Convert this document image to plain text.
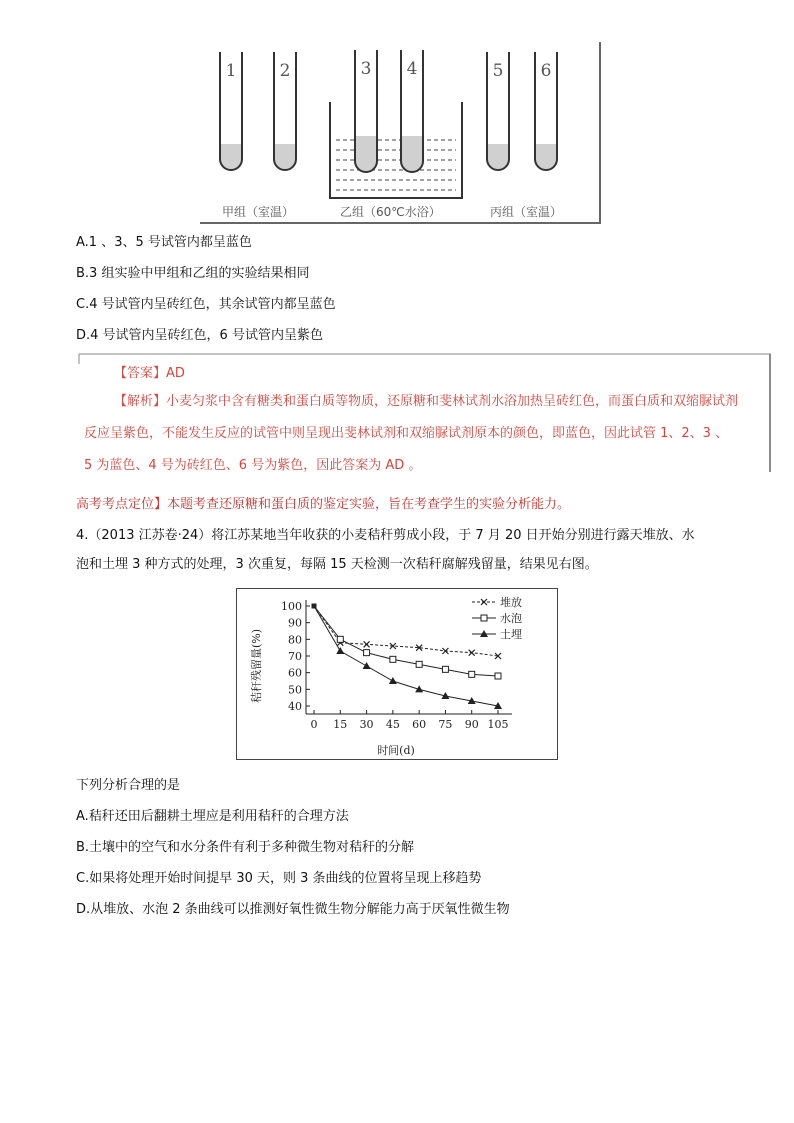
1	2	3 4	5 6
甲组（室温）	乙组（60℃水浴）	丙组（室温）
A.1 、3、5 号试管内都呈蓝色
B.3 组实验中甲组和乙组的实验结果相同
C.4 号试管内呈砖红色，其余试管内都呈蓝色
D.4 号试管内呈砖红色，6 号试管内呈紫色
【答案】AD
【解析】小麦匀浆中含有糖类和蛋白质等物质，还原糖和斐林试剂水浴加热呈砖红色，而蛋白质和双缩脲试剂
反应呈紫色，不能发生反应的试管中则呈现出斐林试剂和双缩脲试剂原本的颜色，即蓝色，因此试管 1、2、3 、
5 为蓝色、4 号为砖红色、6 号为紫色，因此答案为 AD 。
高考考点定位】本题考查还原糖和蛋白质的鉴定实验，旨在考查学生的实验分析能力。
4.（2013 江苏卷·24）将江苏某地当年收获的小麦秸秆剪成小段，于 7 月 20 日开始分别进行露天堆放、水
泡和土埋 3 种方式的处理，3 次重复，每隔 15 天检测一次秸秆腐解残留量，结果见右图。
100
90
80
70
60
50
40
0 15 30 45 60 75 90 105
堆放
水泡
土埋
时间(d)
秸秆残留量(%)
下列分析合理的是
A.秸秆还田后翻耕土埋应是利用秸秆的合理方法
B.土壤中的空气和水分条件有利于多种微生物对秸秆的分解
C.如果将处理开始时间提早 30 天，则 3 条曲线的位置将呈现上移趋势
D.从堆放、水泡 2 条曲线可以推测好氧性微生物分解能力高于厌氧性微生物
